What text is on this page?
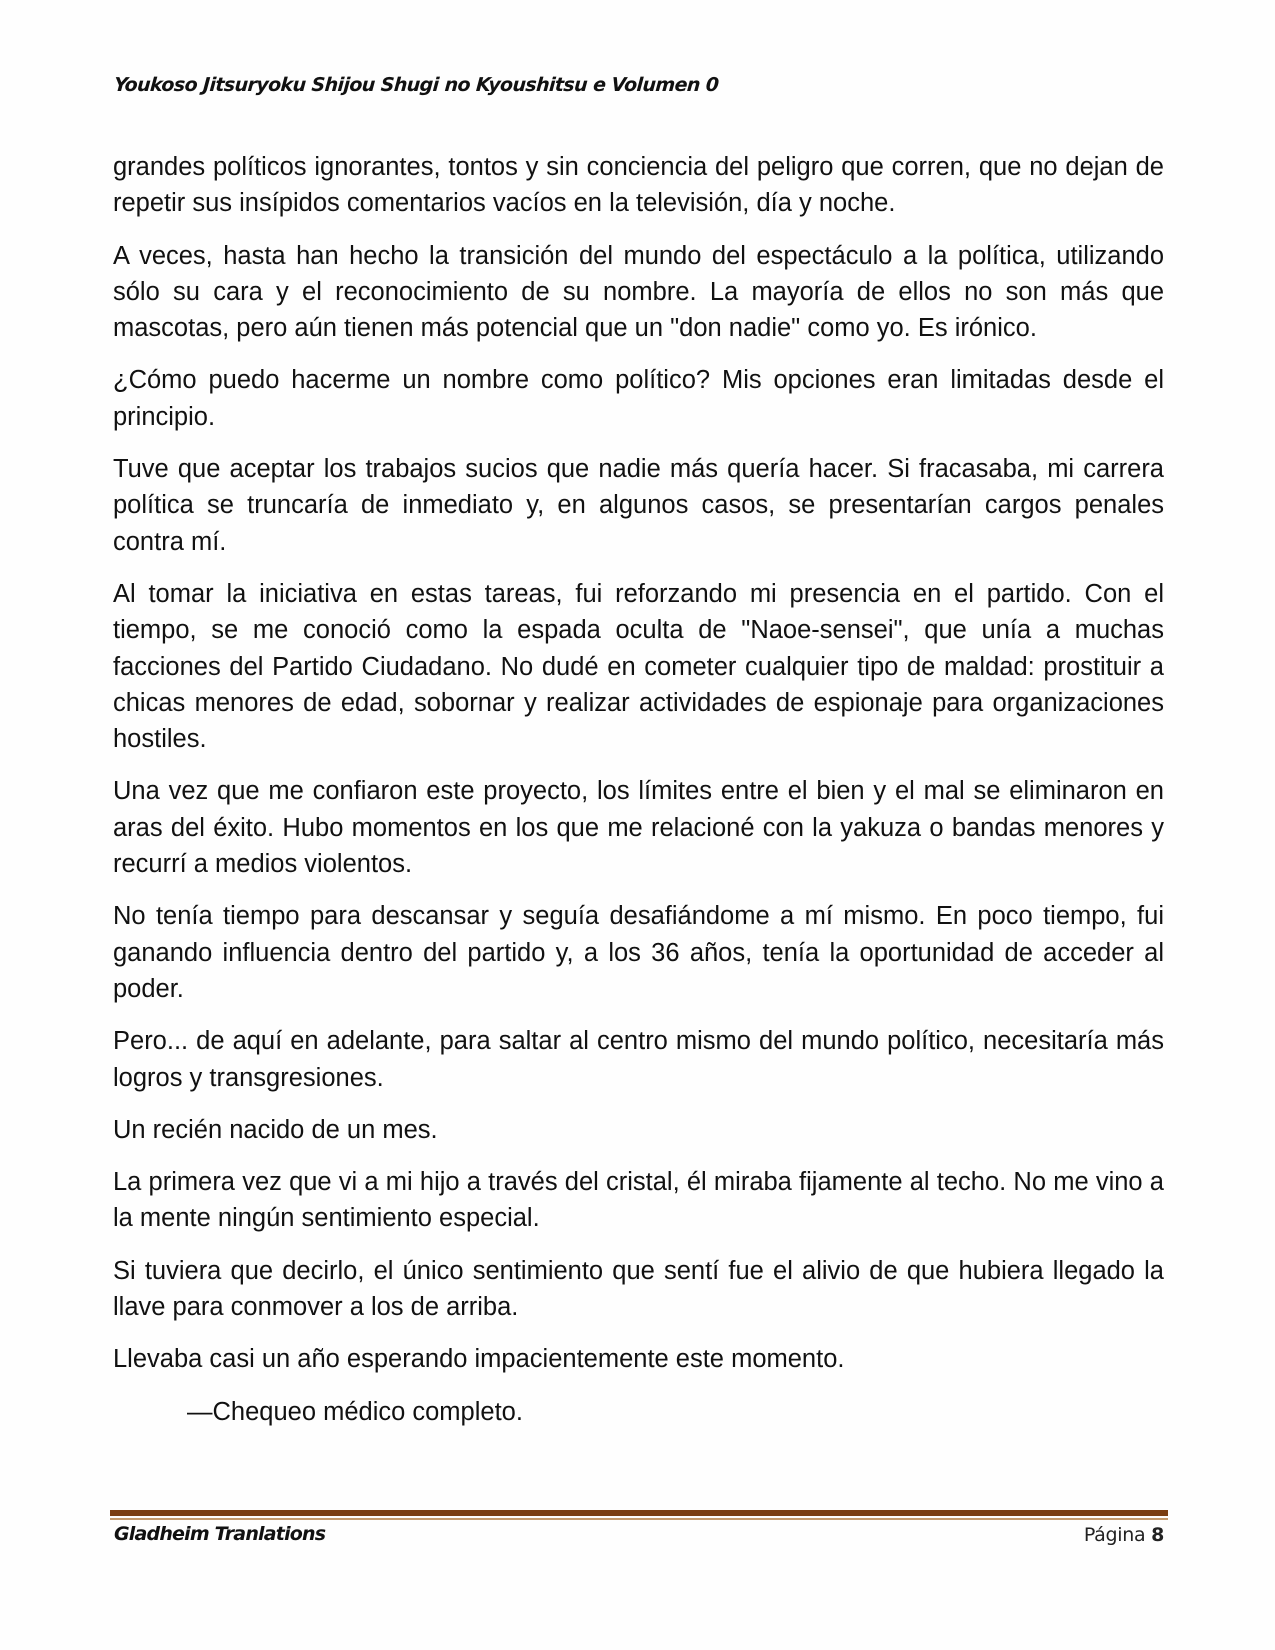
Youkoso Jitsuryoku Shijou Shugi no Kyoushitsu e Volumen 0

grandes políticos ignorantes, tontos y sin conciencia del peligro que corren, que no dejan de repetir sus insípidos comentarios vacíos en la televisión, día y noche.

A veces, hasta han hecho la transición del mundo del espectáculo a la política, utilizando sólo su cara y el reconocimiento de su nombre. La mayoría de ellos no son más que mascotas, pero aún tienen más potencial que un "don nadie" como yo. Es irónico.

¿Cómo puedo hacerme un nombre como político? Mis opciones eran limitadas desde el principio.

Tuve que aceptar los trabajos sucios que nadie más quería hacer. Si fracasaba, mi carrera política se truncaría de inmediato y, en algunos casos, se presentarían cargos penales contra mí.

Al tomar la iniciativa en estas tareas, fui reforzando mi presencia en el partido. Con el tiempo, se me conoció como la espada oculta de "Naoe-sensei", que unía a muchas facciones del Partido Ciudadano. No dudé en cometer cualquier tipo de maldad: prostituir a chicas menores de edad, sobornar y realizar actividades de espionaje para organizaciones hostiles.

Una vez que me confiaron este proyecto, los límites entre el bien y el mal se eliminaron en aras del éxito. Hubo momentos en los que me relacioné con la yakuza o bandas menores y recurrí a medios violentos.

No tenía tiempo para descansar y seguía desafiándome a mí mismo. En poco tiempo, fui ganando influencia dentro del partido y, a los 36 años, tenía la oportunidad de acceder al poder.

Pero... de aquí en adelante, para saltar al centro mismo del mundo político, necesitaría más logros y transgresiones.

Un recién nacido de un mes.

La primera vez que vi a mi hijo a través del cristal, él miraba fijamente al techo. No me vino a la mente ningún sentimiento especial.

Si tuviera que decirlo, el único sentimiento que sentí fue el alivio de que hubiera llegado la llave para conmover a los de arriba.

Llevaba casi un año esperando impacientemente este momento.

—Chequeo médico completo.

Gladheim Tranlations	Página 8
